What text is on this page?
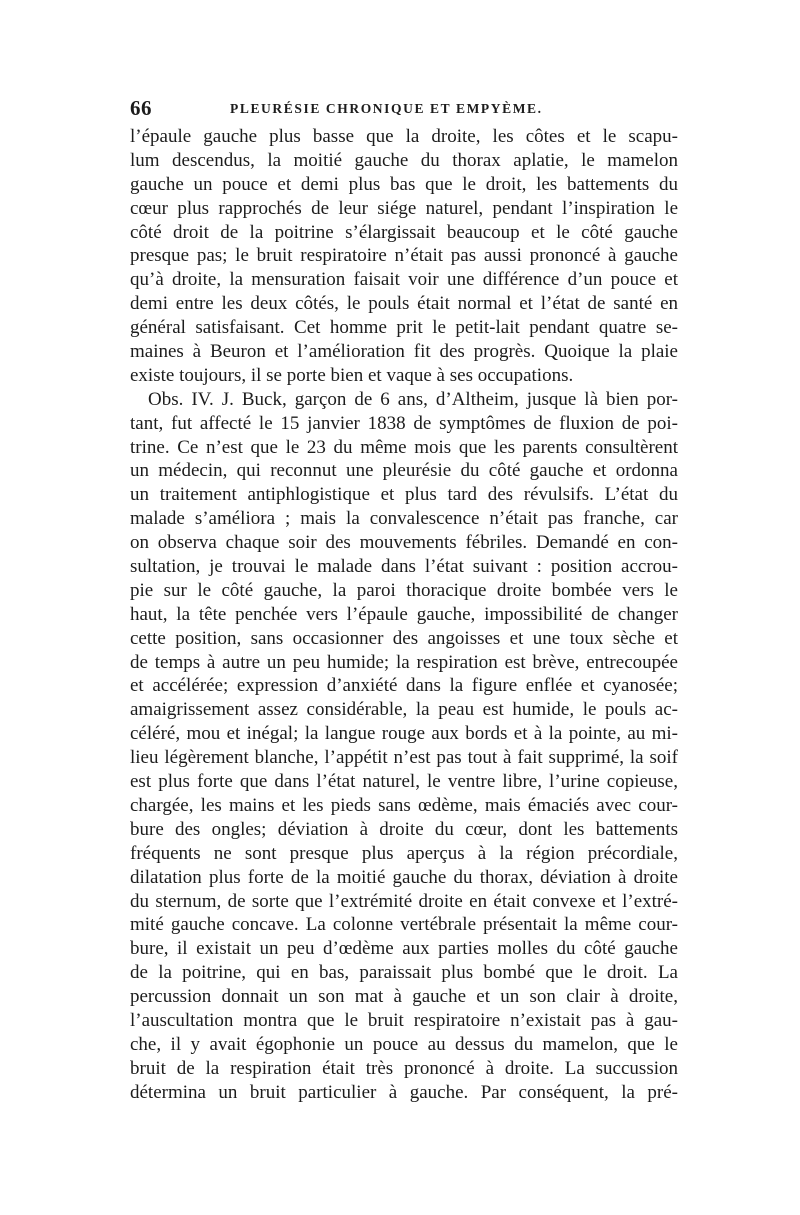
66	PLEURÉSIE CHRONIQUE ET EMPYÈME.
l’épaule gauche plus basse que la droite, les côtes et le scapu-
lum descendus, la moitié gauche du thorax aplatie, le mamelon
gauche un pouce et demi plus bas que le droit, les battements du
cœur plus rapprochés de leur siége naturel, pendant l’inspiration le
côté droit de la poitrine s’élargissait beaucoup et le côté gauche
presque pas; le bruit respiratoire n’était pas aussi prononcé à gauche
qu’à droite, la mensuration faisait voir une différence d’un pouce et
demi entre les deux côtés, le pouls était normal et l’état de santé en
général satisfaisant. Cet homme prit le petit-lait pendant quatre se-
maines à Beuron et l’amélioration fit des progrès. Quoique la plaie
existe toujours, il se porte bien et vaque à ses occupations.
Obs. IV. J. Buck, garçon de 6 ans, d’Altheim, jusque là bien por-
tant, fut affecté le 15 janvier 1838 de symptômes de fluxion de poi-
trine. Ce n’est que le 23 du même mois que les parents consultèrent
un médecin, qui reconnut une pleurésie du côté gauche et ordonna
un traitement antiphlogistique et plus tard des révulsifs. L’état du
malade s’améliora ; mais la convalescence n’était pas franche, car
on observa chaque soir des mouvements fébriles. Demandé en con-
sultation, je trouvai le malade dans l’état suivant : position accrou-
pie sur le côté gauche, la paroi thoracique droite bombée vers le
haut, la tête penchée vers l’épaule gauche, impossibilité de changer
cette position, sans occasionner des angoisses et une toux sèche et
de temps à autre un peu humide; la respiration est brève, entrecoupée
et accélérée; expression d’anxiété dans la figure enflée et cyanosée;
amaigrissement assez considérable, la peau est humide, le pouls ac-
céléré, mou et inégal; la langue rouge aux bords et à la pointe, au mi-
lieu légèrement blanche, l’appétit n’est pas tout à fait supprimé, la soif
est plus forte que dans l’état naturel, le ventre libre, l’urine copieuse,
chargée, les mains et les pieds sans œdème, mais émaciés avec cour-
bure des ongles; déviation à droite du cœur, dont les battements
fréquents ne sont presque plus aperçus à la région précordiale,
dilatation plus forte de la moitié gauche du thorax, déviation à droite
du sternum, de sorte que l’extrémité droite en était convexe et l’extré-
mité gauche concave. La colonne vertébrale présentait la même cour-
bure, il existait un peu d’œdème aux parties molles du côté gauche
de la poitrine, qui en bas, paraissait plus bombé que le droit. La
percussion donnait un son mat à gauche et un son clair à droite,
l’auscultation montra que le bruit respiratoire n’existait pas à gau-
che, il y avait égophonie un pouce au dessus du mamelon, que le
bruit de la respiration était très prononcé à droite. La succussion
détermina un bruit particulier à gauche. Par conséquent, la pré-
